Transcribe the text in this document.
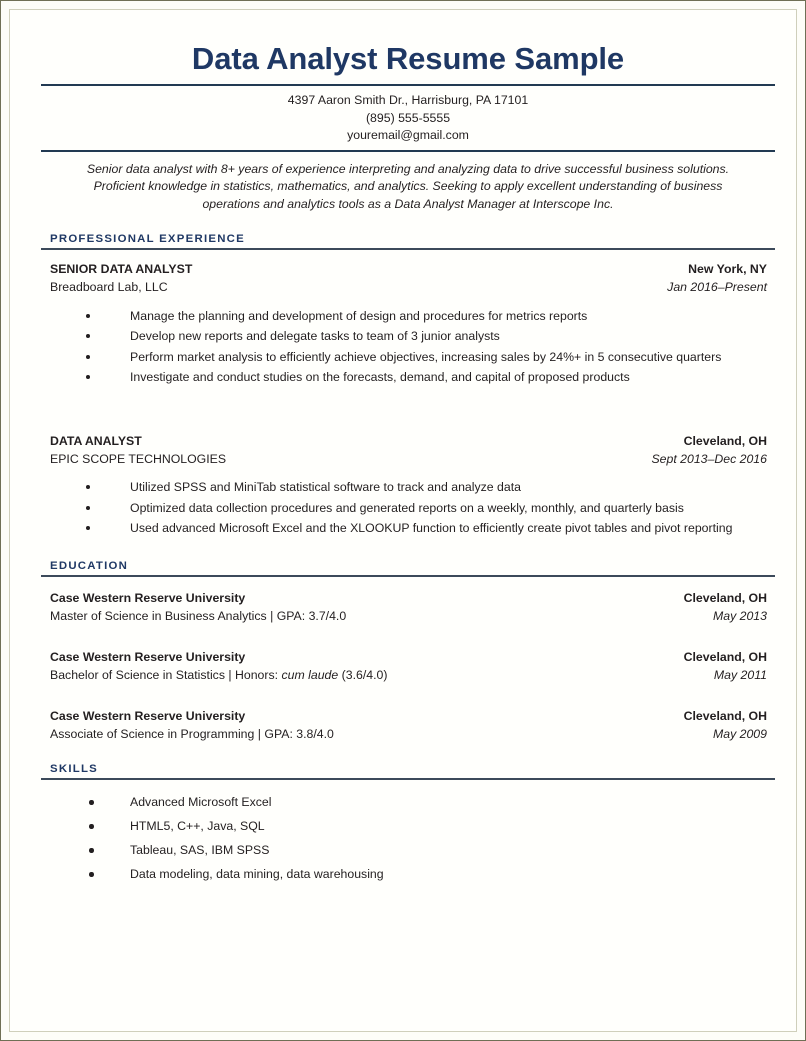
Data Analyst Resume Sample
4397 Aaron Smith Dr., Harrisburg, PA 17101
(895) 555-5555
youremail@gmail.com
Senior data analyst with 8+ years of experience interpreting and analyzing data to drive successful business solutions. Proficient knowledge in statistics, mathematics, and analytics. Seeking to apply excellent understanding of business operations and analytics tools as a Data Analyst Manager at Interscope Inc.
PROFESSIONAL EXPERIENCE
SENIOR DATA ANALYST
Breadboard Lab, LLC
New York, NY
Jan 2016–Present
Manage the planning and development of design and procedures for metrics reports
Develop new reports and delegate tasks to team of 3 junior analysts
Perform market analysis to efficiently achieve objectives, increasing sales by 24%+ in 5 consecutive quarters
Investigate and conduct studies on the forecasts, demand, and capital of proposed products
DATA ANALYST
EPIC SCOPE TECHNOLOGIES
Cleveland, OH
Sept 2013–Dec 2016
Utilized SPSS and MiniTab statistical software to track and analyze data
Optimized data collection procedures and generated reports on a weekly, monthly, and quarterly basis
Used advanced Microsoft Excel and the XLOOKUP function to efficiently create pivot tables and pivot reporting
EDUCATION
Case Western Reserve University
Master of Science in Business Analytics | GPA: 3.7/4.0
Cleveland, OH
May 2013
Case Western Reserve University
Bachelor of Science in Statistics | Honors: cum laude (3.6/4.0)
Cleveland, OH
May 2011
Case Western Reserve University
Associate of Science in Programming | GPA: 3.8/4.0
Cleveland, OH
May 2009
SKILLS
Advanced Microsoft Excel
HTML5, C++, Java, SQL
Tableau, SAS, IBM SPSS
Data modeling, data mining, data warehousing
